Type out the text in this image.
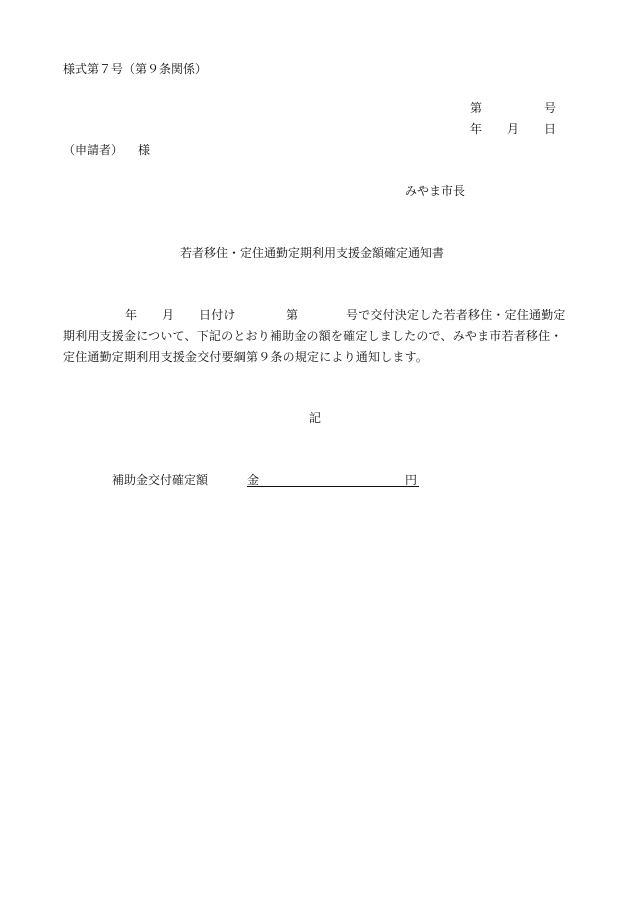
様式第７号（第９条関係）
第	号
年 月 日
（申請者） 様
みやま市長
若者移住・定住通勤定期利用支援金額確定通知書
年 月 日付け	第	号で交付決定した若者移住・定住通勤定
期利用支援金について、下記のとおり補助金の額を確定しましたので、みやま市若者移住・
定住通勤定期利用支援金交付要綱第９条の規定により通知します。
記
補助金交付確定額	金	円
